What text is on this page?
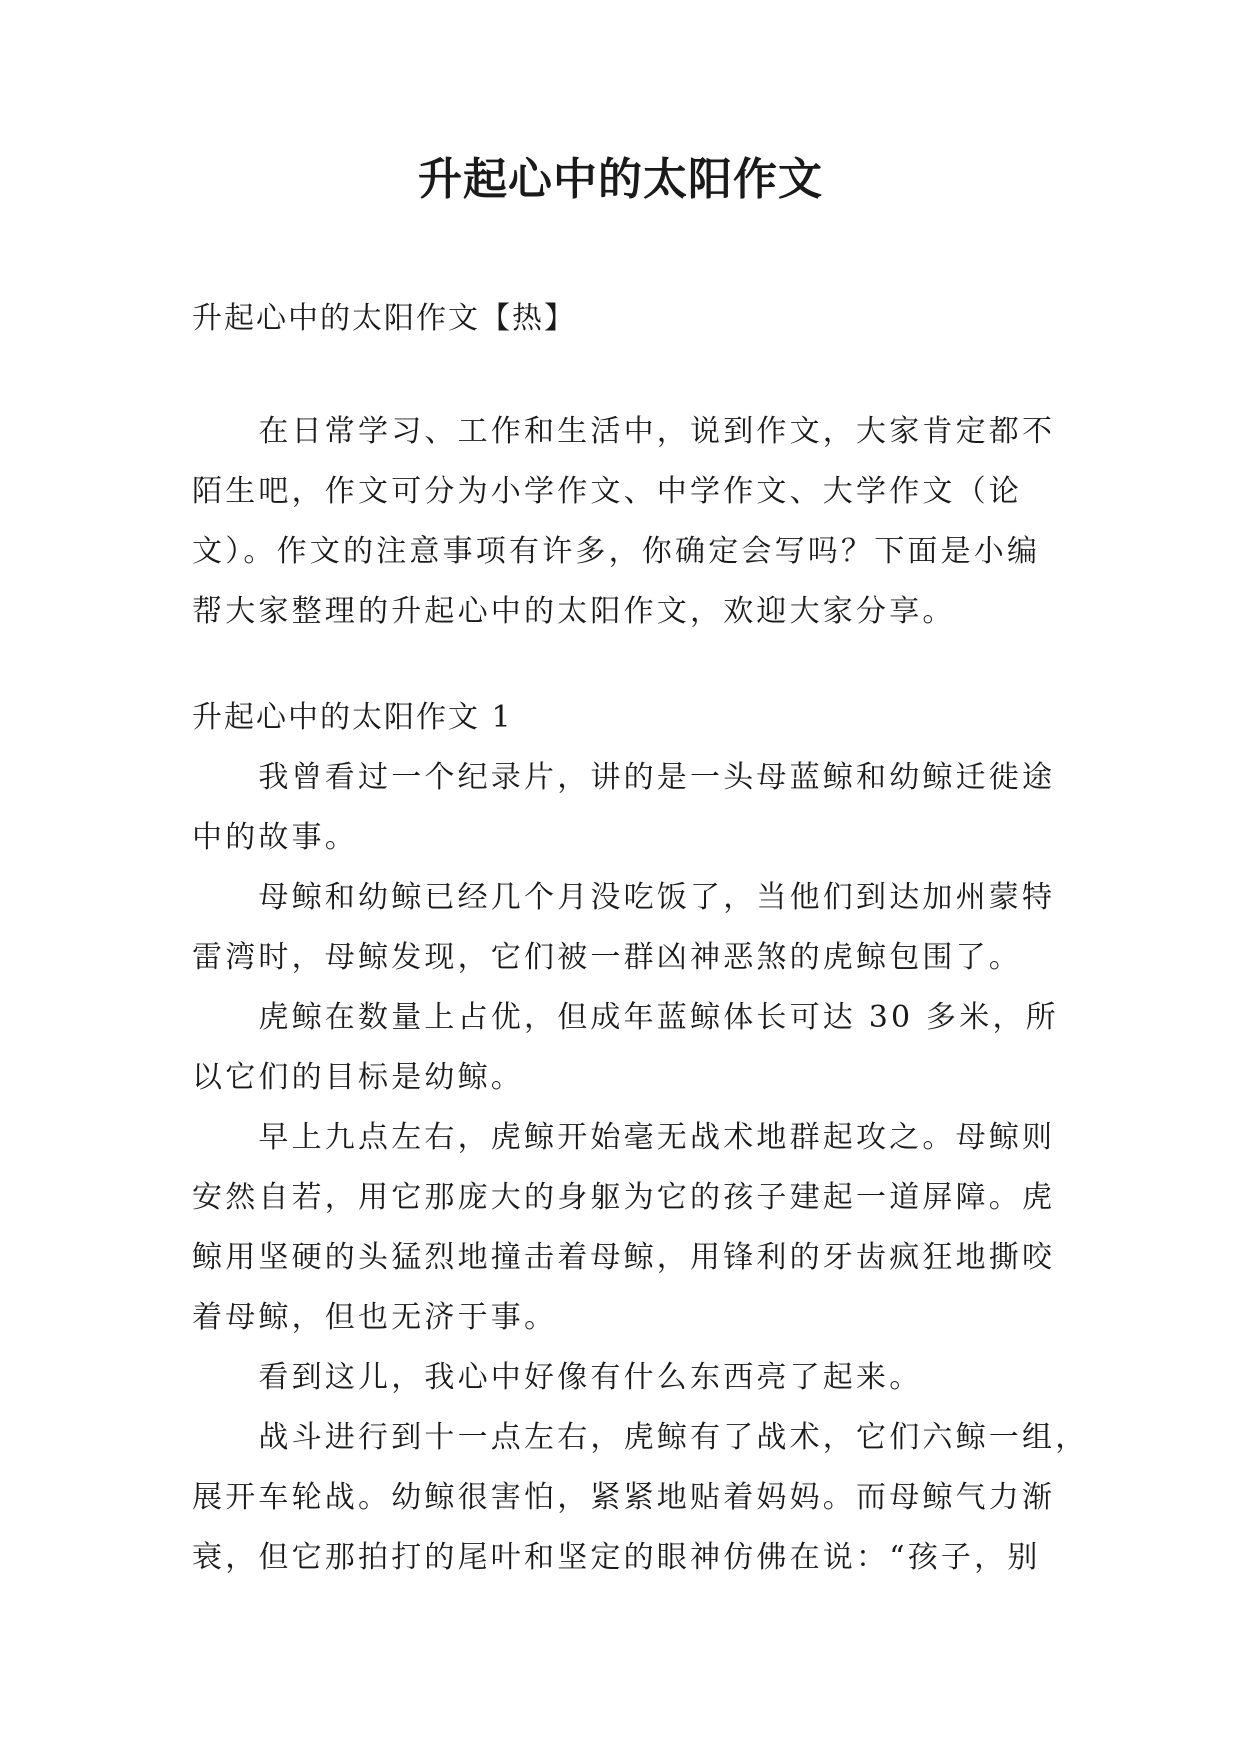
升起心中的太阳作文

升起心中的太阳作文【热】

　　在日常学习、工作和生活中，说到作文，大家肯定都不
陌生吧，作文可分为小学作文、中学作文、大学作文（论
文）。作文的注意事项有许多，你确定会写吗？下面是小编
帮大家整理的升起心中的太阳作文，欢迎大家分享。

升起心中的太阳作文 1

　　我曾看过一个纪录片，讲的是一头母蓝鲸和幼鲸迁徙途
中的故事。

　　母鲸和幼鲸已经几个月没吃饭了，当他们到达加州蒙特
雷湾时，母鲸发现，它们被一群凶神恶煞的虎鲸包围了。

　　虎鲸在数量上占优，但成年蓝鲸体长可达 30 多米，所
以它们的目标是幼鲸。

　　早上九点左右，虎鲸开始毫无战术地群起攻之。母鲸则
安然自若，用它那庞大的身躯为它的孩子建起一道屏障。虎
鲸用坚硬的头猛烈地撞击着母鲸，用锋利的牙齿疯狂地撕咬
着母鲸，但也无济于事。

　　看到这儿，我心中好像有什么东西亮了起来。

　　战斗进行到十一点左右，虎鲸有了战术，它们六鲸一组，
展开车轮战。幼鲸很害怕，紧紧地贴着妈妈。而母鲸气力渐
衰，但它那拍打的尾叶和坚定的眼神仿佛在说：“孩子，别
